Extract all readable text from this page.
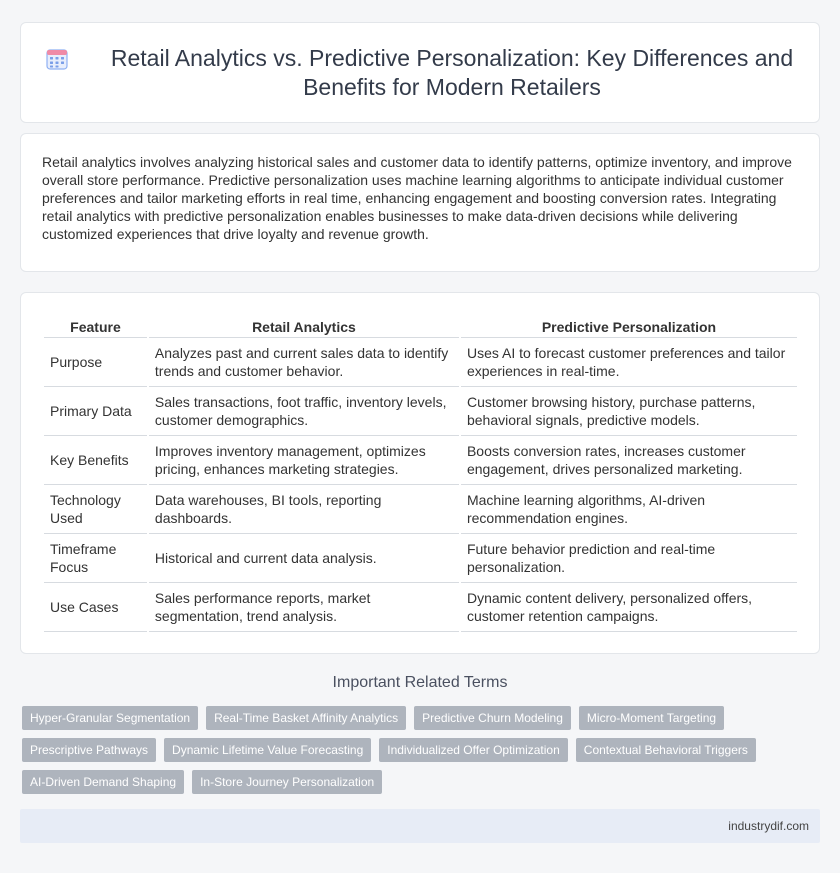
Retail Analytics vs. Predictive Personalization: Key Differences and Benefits for Modern Retailers

Retail analytics involves analyzing historical sales and customer data to identify patterns, optimize inventory, and improve overall store performance. Predictive personalization uses machine learning algorithms to anticipate individual customer preferences and tailor marketing efforts in real time, enhancing engagement and boosting conversion rates. Integrating retail analytics with predictive personalization enables businesses to make data-driven decisions while delivering customized experiences that drive loyalty and revenue growth.

Feature	Retail Analytics	Predictive Personalization
Purpose	Analyzes past and current sales data to identify trends and customer behavior.	Uses AI to forecast customer preferences and tailor experiences in real-time.
Primary Data	Sales transactions, foot traffic, inventory levels, customer demographics.	Customer browsing history, purchase patterns, behavioral signals, predictive models.
Key Benefits	Improves inventory management, optimizes pricing, enhances marketing strategies.	Boosts conversion rates, increases customer engagement, drives personalized marketing.
Technology Used	Data warehouses, BI tools, reporting dashboards.	Machine learning algorithms, AI-driven recommendation engines.
Timeframe Focus	Historical and current data analysis.	Future behavior prediction and real-time personalization.
Use Cases	Sales performance reports, market segmentation, trend analysis.	Dynamic content delivery, personalized offers, customer retention campaigns.
Important Related Terms
Hyper-Granular Segmentation	Real-Time Basket Affinity Analytics	Predictive Churn Modeling	Micro-Moment Targeting
Prescriptive Pathways	Dynamic Lifetime Value Forecasting	Individualized Offer Optimization	Contextual Behavioral Triggers
AI-Driven Demand Shaping	In-Store Journey Personalization
industrydif.com
